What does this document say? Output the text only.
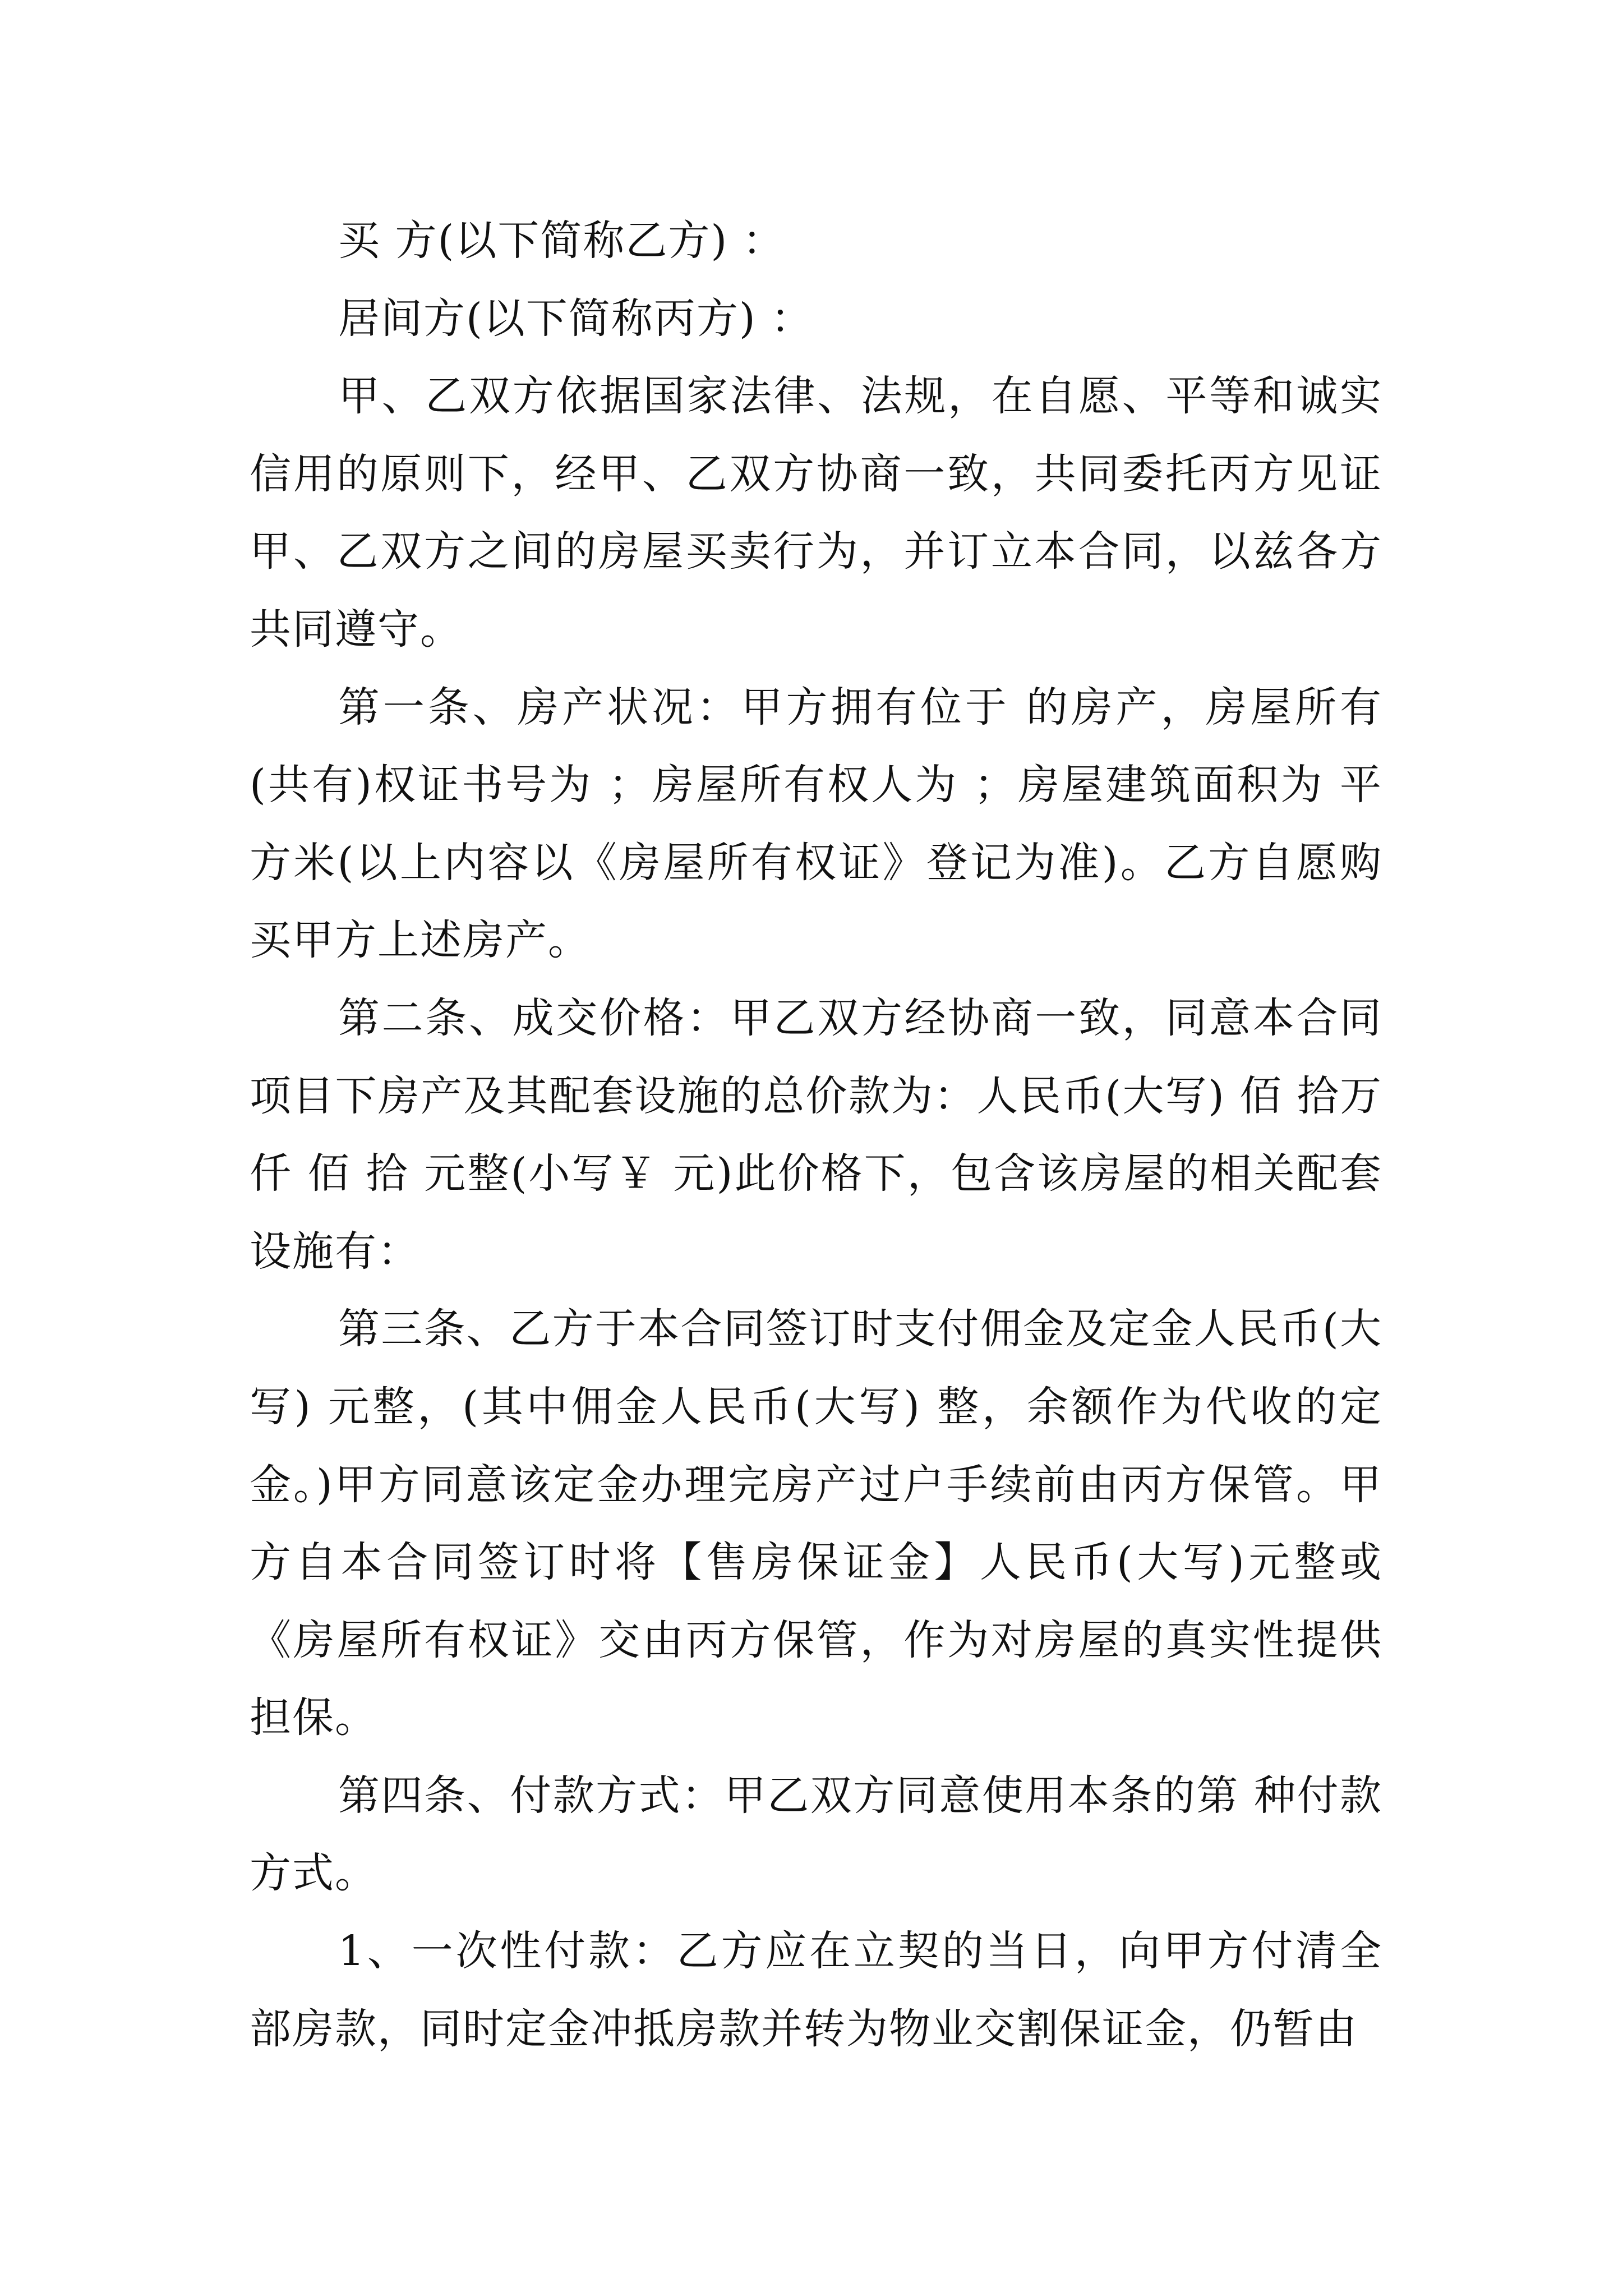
买 方(以下简称乙方) ：

居间方(以下简称丙方) ：

甲、乙双方依据国家法律、法规，在自愿、平等和诚实信用的原则下，经甲、乙双方协商一致，共同委托丙方见证甲、乙双方之间的房屋买卖行为，并订立本合同，以兹各方共同遵守。

第一条、房产状况：甲方拥有位于 的房产，房屋所有(共有)权证书号为 ；房屋所有权人为 ；房屋建筑面积为 平方米(以上内容以《房屋所有权证》登记为准)。乙方自愿购买甲方上述房产。

第二条、成交价格：甲乙双方经协商一致，同意本合同项目下房产及其配套设施的总价款为：人民币(大写) 佰 拾万 仟 佰 拾 元整(小写￥ 元)此价格下，包含该房屋的相关配套设施有：

第三条、乙方于本合同签订时支付佣金及定金人民币(大写) 元整，(其中佣金人民币(大写) 整，余额作为代收的定金。)甲方同意该定金办理完房产过户手续前由丙方保管。甲方自本合同签订时将【售房保证金】人民币(大写)元整或《房屋所有权证》交由丙方保管，作为对房屋的真实性提供担保。

第四条、付款方式：甲乙双方同意使用本条的第 种付款方式。

1、一次性付款：乙方应在立契的当日，向甲方付清全部房款，同时定金冲抵房款并转为物业交割保证金，仍暂由
